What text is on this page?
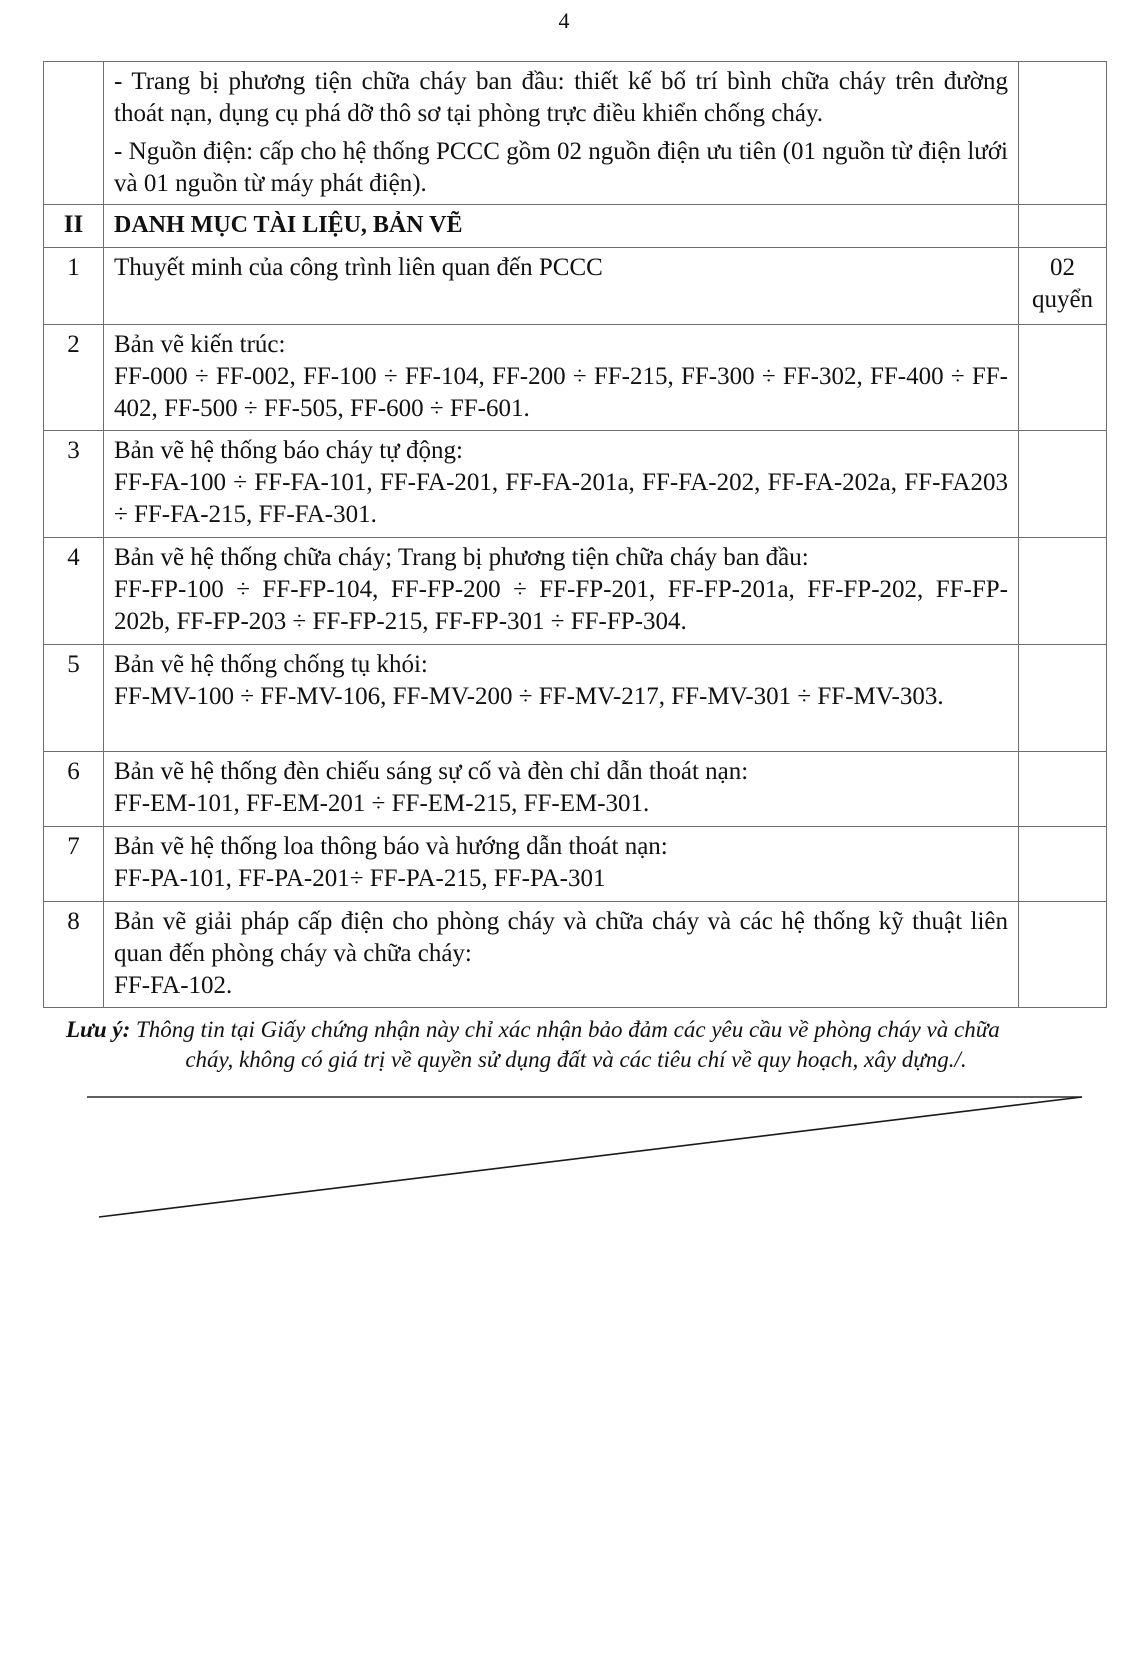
4

	- Trang bị phương tiện chữa cháy ban đầu: thiết kế bố trí bình chữa cháy trên đường thoát nạn, dụng cụ phá dỡ thô sơ tại phòng trực điều khiển chống cháy.

- Nguồn điện: cấp cho hệ thống PCCC gồm 02 nguồn điện ưu tiên (01 nguồn từ điện lưới và 01 nguồn từ máy phát điện).	

II	DANH MỤC TÀI LIỆU, BẢN VẼ	
1	Thuyết minh của công trình liên quan đến PCCC	02
quyển

2	Bản vẽ kiến trúc:
FF-000 ÷ FF-002, FF-100 ÷ FF-104, FF-200 ÷ FF-215, FF-300 ÷ FF-302, FF-400 ÷ FF-402, FF-500 ÷ FF-505, FF-600 ÷ FF-601.	

3	Bản vẽ hệ thống báo cháy tự động:
FF-FA-100 ÷ FF-FA-101, FF-FA-201, FF-FA-201a, FF-FA-202, FF-FA-202a, FF-FA203 ÷ FF-FA-215, FF-FA-301.	

4	Bản vẽ hệ thống chữa cháy; Trang bị phương tiện chữa cháy ban đầu:
FF-FP-100 ÷ FF-FP-104, FF-FP-200 ÷ FF-FP-201, FF-FP-201a, FF-FP-202, FF-FP-202b, FF-FP-203 ÷ FF-FP-215, FF-FP-301 ÷ FF-FP-304.	

5	Bản vẽ hệ thống chống tụ khói:
FF-MV-100 ÷ FF-MV-106, FF-MV-200 ÷ FF-MV-217, FF-MV-301 ÷ FF-MV-303.	

6	Bản vẽ hệ thống đèn chiếu sáng sự cố và đèn chỉ dẫn thoát nạn:
FF-EM-101, FF-EM-201 ÷ FF-EM-215, FF-EM-301.	

7	Bản vẽ hệ thống loa thông báo và hướng dẫn thoát nạn:
FF-PA-101, FF-PA-201÷ FF-PA-215, FF-PA-301	

8	Bản vẽ giải pháp cấp điện cho phòng cháy và chữa cháy và các hệ thống kỹ thuật liên quan đến phòng cháy và chữa cháy:
FF-FA-102.	

Lưu ý: Thông tin tại Giấy chứng nhận này chỉ xác nhận bảo đảm các yêu cầu về phòng cháy và chữa
cháy, không có giá trị về quyền sử dụng đất và các tiêu chí về quy hoạch, xây dựng./.
